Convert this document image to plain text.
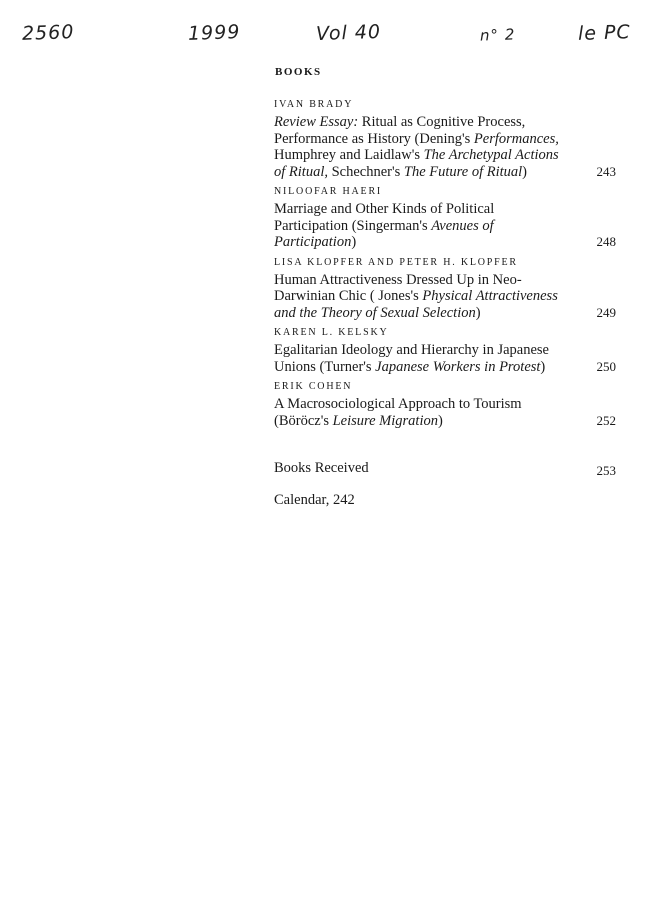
2560	1999	Vol 40	n° 2	le PC
BOOKS
IVAN BRADY
Review Essay: Ritual as Cognitive Process, Performance as History (Dening's Performances, Humphrey and Laidlaw's The Archetypal Actions of Ritual, Schechner's The Future of Ritual)	243
NILOOFAR HAERI
Marriage and Other Kinds of Political Participation (Singerman's Avenues of Participation)	248
LISA KLOPFER AND PETER H. KLOPFER
Human Attractiveness Dressed Up in Neo-Darwinian Chic ( Jones's Physical Attractiveness and the Theory of Sexual Selection)	249
KAREN L. KELSKY
Egalitarian Ideology and Hierarchy in Japanese Unions (Turner's Japanese Workers in Protest)	250
ERIK COHEN
A Macrosociological Approach to Tourism (Böröcz's Leisure Migration)	252
Books Received	253
Calendar, 242
